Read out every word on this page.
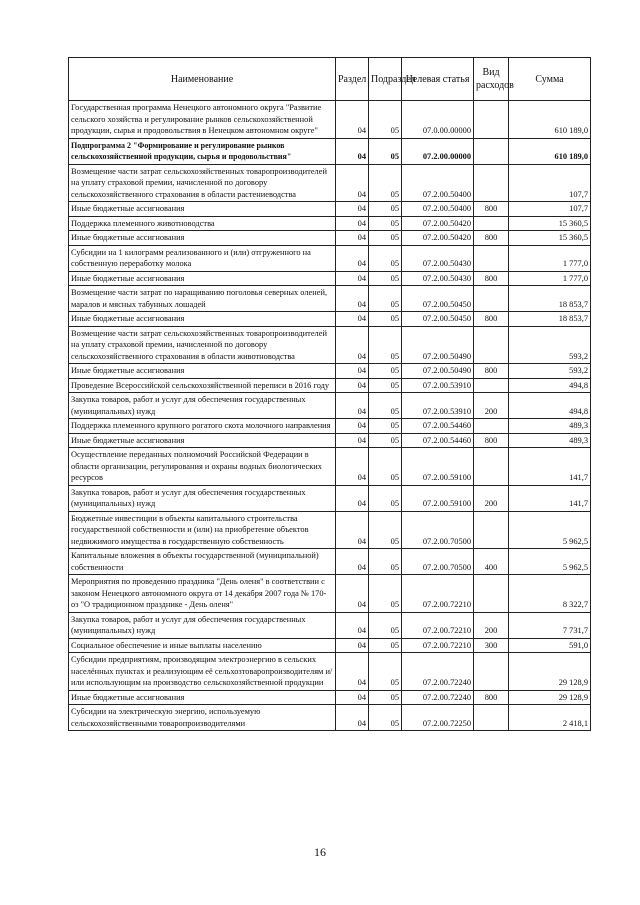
Наименование	Раздел	Подраздел	Целевая статья	Вид расходов	Сумма
Государственная программа Ненецкого автономного округа "Развитие сельского хозяйства и регулирование рынков сельскохозяйственной продукции, сырья и продовольствия в Ненецком автономном округе"	04	05	07.0.00.00000		610 189,0
Подпрограмма 2 "Формирование и регулирование рынков сельскохозяйственной продукции, сырья и продовольствия"	04	05	07.2.00.00000		610 189,0
Возмещение части затрат сельскохозяйственных товаропроизводителей на уплату страховой премии, начисленной по договору сельскохозяйственного страхования в области растениеводства	04	05	07.2.00.50400		107,7
Иные бюджетные ассигнования	04	05	07.2.00.50400	800	107,7
Поддержка племенного животноводства	04	05	07.2.00.50420		15 360,5
Иные бюджетные ассигнования	04	05	07.2.00.50420	800	15 360,5
Субсидии на 1 килограмм реализованного и (или) отгруженного на собственную переработку молока	04	05	07.2.00.50430		1 777,0
Иные бюджетные ассигнования	04	05	07.2.00.50430	800	1 777,0
Возмещение части затрат по наращиванию поголовья северных оленей, маралов и мясных табунных лошадей	04	05	07.2.00.50450		18 853,7
Иные бюджетные ассигнования	04	05	07.2.00.50450	800	18 853,7
Возмещение части затрат сельскохозяйственных товаропроизводителей на уплату страховой премии, начисленной по договору сельскохозяйственного страхования в области животноводства	04	05	07.2.00.50490		593,2
Иные бюджетные ассигнования	04	05	07.2.00.50490	800	593,2
Проведение Всероссийской сельскохозяйственной переписи в 2016 году	04	05	07.2.00.53910		494,8
Закупка товаров, работ и услуг для обеспечения государственных (муниципальных) нужд	04	05	07.2.00.53910	200	494,8
Поддержка племенного крупного рогатого скота молочного направления	04	05	07.2.00.54460		489,3
Иные бюджетные ассигнования	04	05	07.2.00.54460	800	489,3
Осуществление переданных полномочий Российской Федерации в области организации, регулирования и охраны водных биологических ресурсов	04	05	07.2.00.59100		141,7
Закупка товаров, работ и услуг для обеспечения государственных (муниципальных) нужд	04	05	07.2.00.59100	200	141,7
Бюджетные инвестиции в объекты капитального строительства государственной собственности и (или) на приобретение объектов недвижимого имущества в государственную собственность	04	05	07.2.00.70500		5 962,5
Капитальные вложения в объекты государственной (муниципальной) собственности	04	05	07.2.00.70500	400	5 962,5
Мероприятия по проведению праздника "День оленя" в соответствии с законом Ненецкого автономного округа от 14 декабря 2007 года № 170-оз "О традиционном празднике - День оленя"	04	05	07.2.00.72210		8 322,7
Закупка товаров, работ и услуг для обеспечения государственных (муниципальных) нужд	04	05	07.2.00.72210	200	7 731,7
Социальное обеспечение и иные выплаты населению	04	05	07.2.00.72210	300	591,0
Субсидии предприятиям, производящим электроэнергию в сельских населённых пунктах и реализующим её сельхозтоваропроизводителям и/или использующим на производство сельскохозяйственной продукции	04	05	07.2.00.72240		29 128,9
Иные бюджетные ассигнования	04	05	07.2.00.72240	800	29 128,9
Субсидии на электрическую энергию, используемую сельскохозяйственными товаропроизводителями	04	05	07.2.00.72250		2 418,1
16
